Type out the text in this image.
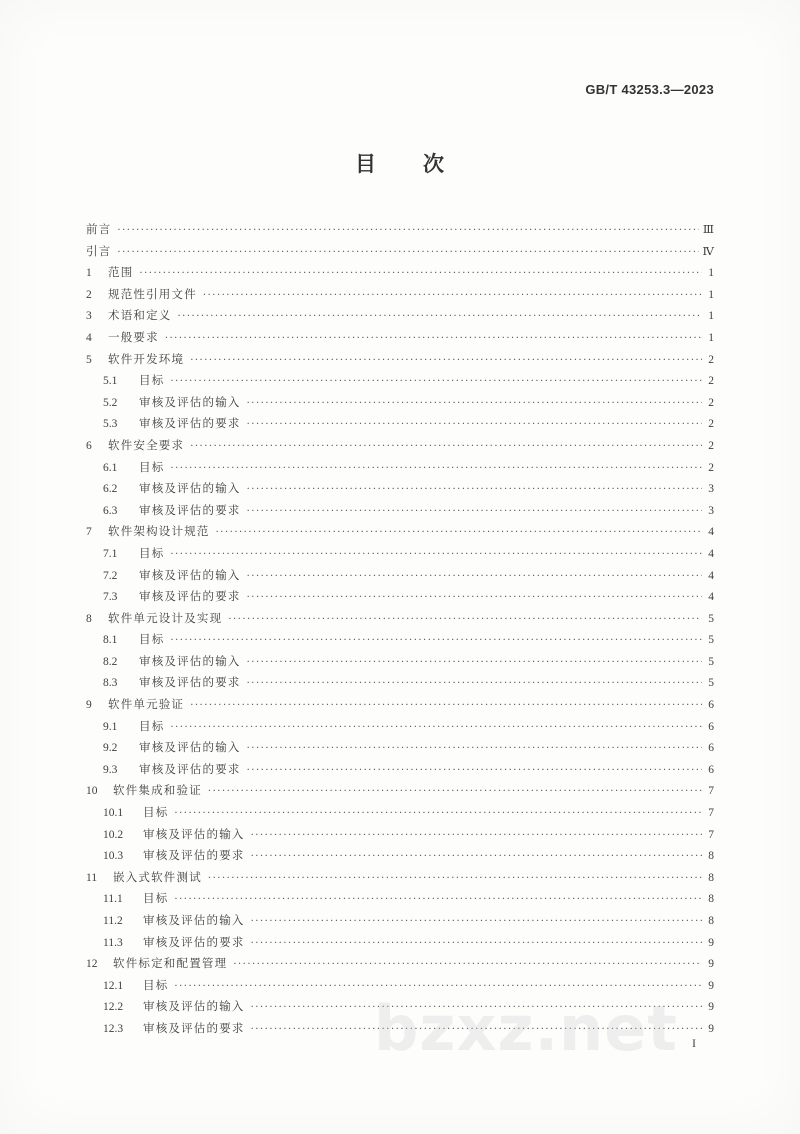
GB/T 43253.3—2023
目 次
前言 ·····	Ⅲ
引言 ·····	Ⅳ
1	范围 ·····	1
2	规范性引用文件 ·····	1
3	术语和定义 ·····	1
4	一般要求 ·····	1
5	软件开发环境 ·····	2
5.1	目标 ·····	2
5.2	审核及评估的输入 ·····	2
5.3	审核及评估的要求 ·····	2
6	软件安全要求 ·····	2
6.1	目标 ·····	2
6.2	审核及评估的输入 ·····	3
6.3	审核及评估的要求 ·····	3
7	软件架构设计规范 ·····	4
7.1	目标 ·····	4
7.2	审核及评估的输入 ·····	4
7.3	审核及评估的要求 ·····	4
8	软件单元设计及实现 ·····	5
8.1	目标 ·····	5
8.2	审核及评估的输入 ·····	5
8.3	审核及评估的要求 ·····	5
9	软件单元验证 ·····	6
9.1	目标 ·····	6
9.2	审核及评估的输入 ·····	6
9.3	审核及评估的要求 ·····	6
10	软件集成和验证 ·····	7
10.1	目标 ·····	7
10.2	审核及评估的输入 ·····	7
10.3	审核及评估的要求 ·····	8
11	嵌入式软件测试 ·····	8
11.1	目标 ·····	8
11.2	审核及评估的输入 ·····	8
11.3	审核及评估的要求 ·····	9
12	软件标定和配置管理 ·····	9
12.1	目标 ·····	9
12.2	审核及评估的输入 ·····	9
12.3	审核及评估的要求 ·····	9
I
bzxz.net
